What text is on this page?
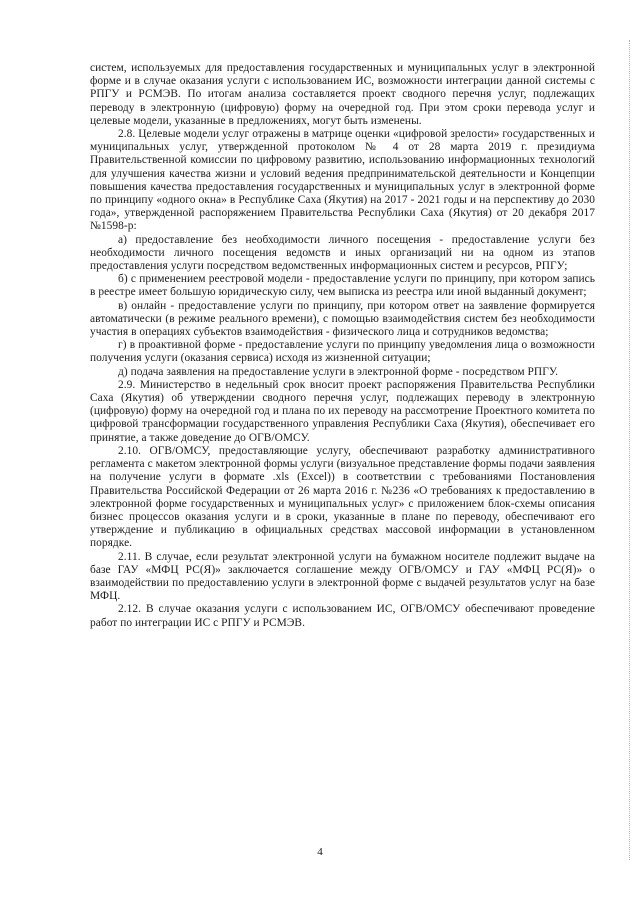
систем, используемых для предоставления государственных и муниципальных услуг в электронной форме и в случае оказания услуги с использованием ИС, возможности интеграции данной системы с РПГУ и РСМЭВ. По итогам анализа составляется проект сводного перечня услуг, подлежащих переводу в электронную (цифровую) форму на очередной год. При этом сроки перевода услуг и целевые модели, указанные в предложениях, могут быть изменены.

2.8. Целевые модели услуг отражены в матрице оценки «цифровой зрелости» государственных и муниципальных услуг, утвержденной протоколом № 4 от 28 марта 2019 г. президиума Правительственной комиссии по цифровому развитию, использованию информационных технологий для улучшения качества жизни и условий ведения предпринимательской деятельности и Концепции повышения качества предоставления государственных и муниципальных услуг в электронной форме по принципу «одного окна» в Республике Саха (Якутия) на 2017 - 2021 годы и на перспективу до 2030 года», утвержденной распоряжением Правительства Республики Саха (Якутия) от 20 декабря 2017 №1598-р:

а) предоставление без необходимости личного посещения - предоставление услуги без необходимости личного посещения ведомств и иных организаций ни на одном из этапов предоставления услуги посредством ведомственных информационных систем и ресурсов, РПГУ;

б) с применением реестровой модели - предоставление услуги по принципу, при котором запись в реестре имеет большую юридическую силу, чем выписка из реестра или иной выданный документ;

в) онлайн - предоставление услуги по принципу, при котором ответ на заявление формируется автоматически (в режиме реального времени), с помощью взаимодействия систем без необходимости участия в операциях субъектов взаимодействия - физического лица и сотрудников ведомства;

г) в проактивной форме - предоставление услуги по принципу уведомления лица о возможности получения услуги (оказания сервиса) исходя из жизненной ситуации;

д) подача заявления на предоставление услуги в электронной форме - посредством РПГУ.

2.9. Министерство в недельный срок вносит проект распоряжения Правительства Республики Саха (Якутия) об утверждении сводного перечня услуг, подлежащих переводу в электронную (цифровую) форму на очередной год и плана по их переводу на рассмотрение Проектного комитета по цифровой трансформации государственного управления Республики Саха (Якутия), обеспечивает его принятие, а также доведение до ОГВ/ОМСУ.

2.10. ОГВ/ОМСУ, предоставляющие услугу, обеспечивают разработку административного регламента с макетом электронной формы услуги (визуальное представление формы подачи заявления на получение услуги в формате .xls (Excel)) в соответствии с требованиями Постановления Правительства Российской Федерации от 26 марта 2016 г. №236 «О требованиях к предоставлению в электронной форме государственных и муниципальных услуг» с приложением блок-схемы описания бизнес процессов оказания услуги и в сроки, указанные в плане по переводу, обеспечивают его утверждение и публикацию в официальных средствах массовой информации в установленном порядке.

2.11. В случае, если результат электронной услуги на бумажном носителе подлежит выдаче на базе ГАУ «МФЦ РС(Я)» заключается соглашение между ОГВ/ОМСУ и ГАУ «МФЦ РС(Я)» о взаимодействии по предоставлению услуги в электронной форме с выдачей результатов услуг на базе МФЦ.

2.12. В случае оказания услуги с использованием ИС, ОГВ/ОМСУ обеспечивают проведение работ по интеграции ИС с РПГУ и РСМЭВ.

4
